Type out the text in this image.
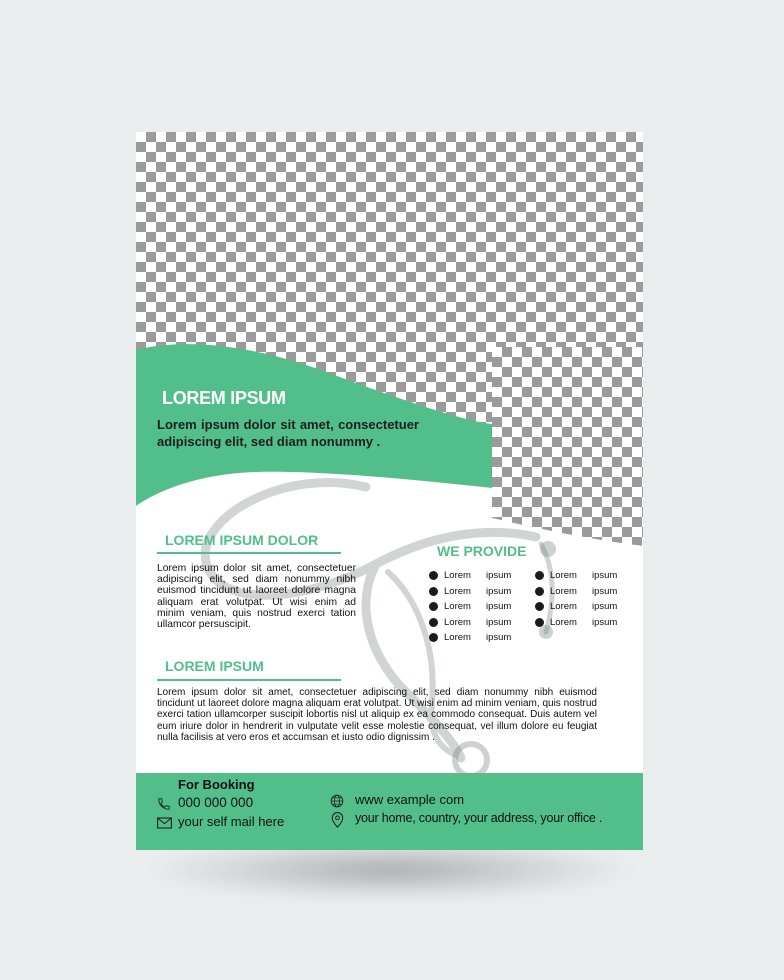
LOREM IPSUM
Lorem ipsum dolor sit amet, consectetuer adipiscing elit, sed diam nonummy .
LOREM IPSUM DOLOR
Lorem ipsum dolor sit amet, consectetuer adipiscing elit, sed diam nonummy nibh euismod tincidunt ut laoreet dolore magna aliquam erat volutpat. Ut wisi enim ad minim veniam, quis nostrud exerci tation ullamcor persuscipit.
WE PROVIDE
Lorem	ipsum
Lorem	ipsum
Lorem	ipsum
Lorem	ipsum
Lorem	ipsum
Lorem	ipsum
Lorem	ipsum
Lorem	ipsum
Lorem	ipsum
LOREM IPSUM
Lorem ipsum dolor sit amet, consectetuer adipiscing elit, sed diam nonummy nibh euismod tincidunt ut laoreet dolore magna aliquam erat volutpat. Ut wisi enim ad minim veniam, quis nostrud exerci tation ullamcorper suscipit lobortis nisl ut aliquip ex ea commodo consequat. Duis autem vel eum iriure dolor in hendrerit in vulputate velit esse molestie consequat, vel illum dolore eu feugiat nulla facilisis at vero eros et accumsan et iusto odio dignissim .
For Booking
000 000 000
your self mail here
www example com
your home, country, your address, your office .
